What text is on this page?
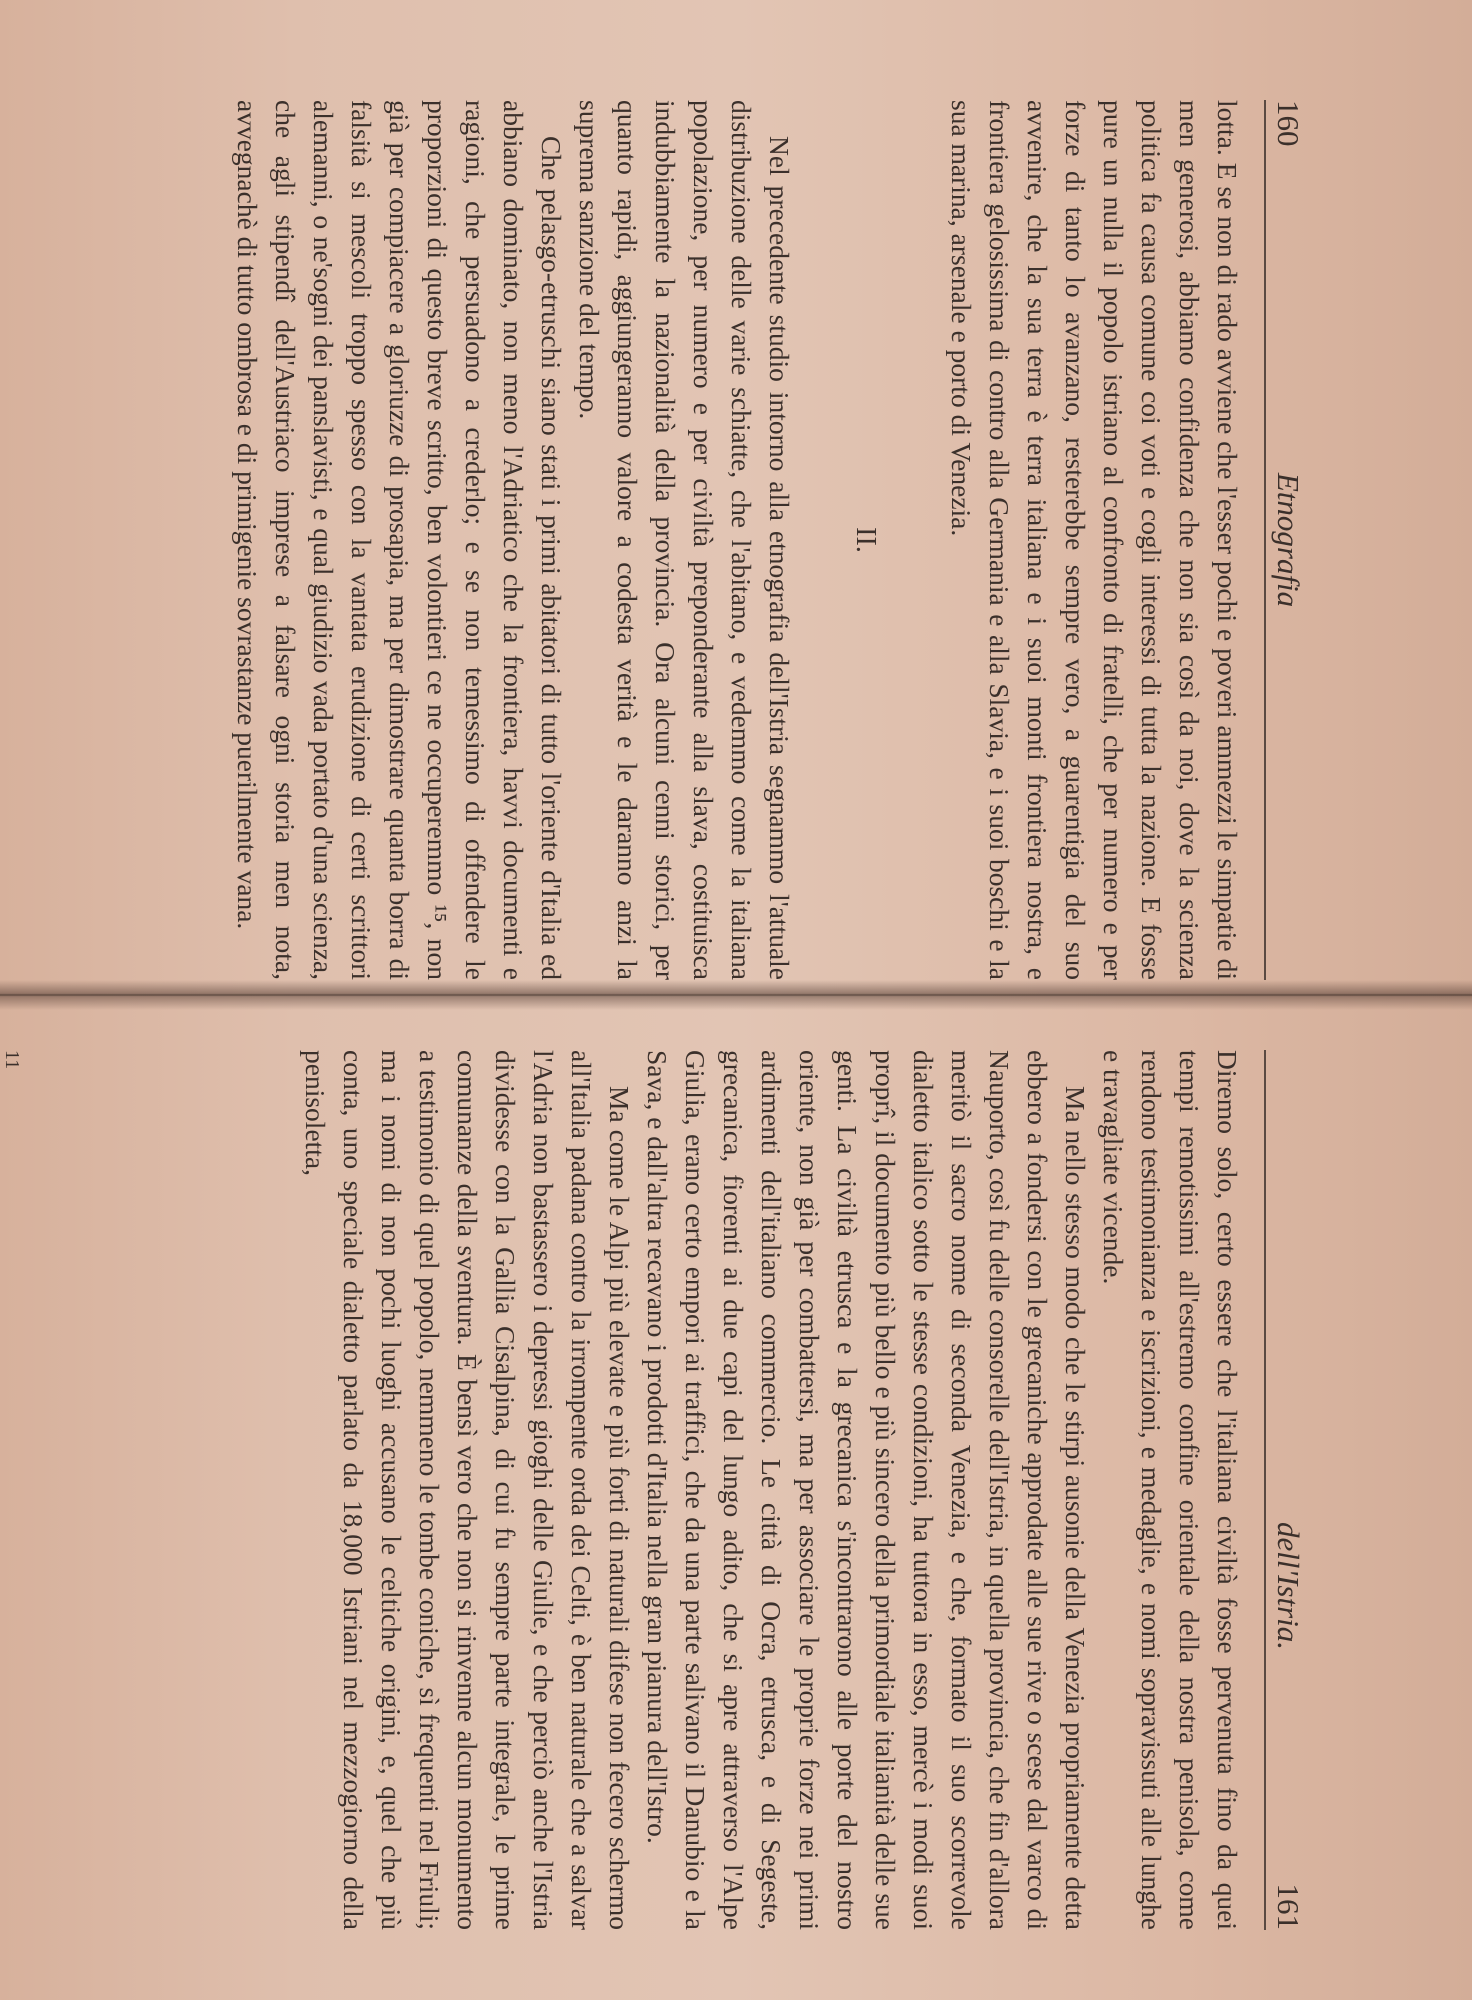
160
Etnografia

lotta. E se non di rado avviene che l'esser pochi e poveri ammezzi le simpatie di men generosi, abbiamo confidenza che non sia così da noi, dove la scienza politica fa causa comune coi voti e cogli interessi di tutta la nazione. E fosse pure un nulla il popolo istriano al confronto di fratelli, che per numero e per forze di tanto lo avanzano, resterebbe sempre vero, a guarentigia del suo avvenire, che la sua terra è terra italiana e i suoi monti frontiera nostra, e frontiera gelosissima di contro alla Germania e alla Slavia, e i suoi boschi e la sua marina, arsenale e porto di Venezia.

II.

Nel precedente studio intorno alla etnografia dell'Istria segnammo l'attuale distribuzione delle varie schiatte, che l'abitano, e vedemmo come la italiana popolazione, per numero e per civiltà preponderante alla slava, costituisca indubbiamente la nazionalità della provincia. Ora alcuni cenni storici, per quanto rapidi, aggiungeranno valore a codesta verità e le daranno anzi la suprema sanzione del tempo.

Che pelasgo-etruschi siano stati i primi abitatori di tutto l'oriente d'Italia ed abbiano dominato, non meno l'Adriatico che la frontiera, havvi documenti e ragioni, che persuadono a crederlo; e se non temessimo di offendere le proporzioni di questo breve scritto, ben volontieri ce ne occuperemmo ¹⁵, non già per compiacere a gloriuzze di prosapia, ma per dimostrare quanta borra di falsità si mescoli troppo spesso con la vantata erudizione di certi scrittori alemanni, o ne'sogni dei panslavisti, e qual giudizio vada portato d'una scienza, che agli stipendî dell'Austriaco imprese a falsare ogni storia men nota, avvegnachè di tutto ombrosa e di primigenie sovrastanze puerilmente vana.

dell'Istria.
161

Diremo solo, certo essere che l'italiana civiltà fosse pervenuta fino da quei tempi remotissimi all'estremo confine orientale della nostra penisola, come rendono testimonianza e iscrizioni, e medaglie, e nomi sopravissuti alle lunghe e travagliate vicende.

Ma nello stesso modo che le stirpi ausonie della Venezia propriamente detta ebbero a fondersi con le grecaniche approdate alle sue rive o scese dal varco di Nauporto, così fu delle consorelle dell'Istria, in quella provincia, che fin d'allora meritò il sacro nome di seconda Venezia, e che, formato il suo scorrevole dialetto italico sotto le stesse condizioni, ha tuttora in esso, mercè i modi suoi proprî, il documento più bello e più sincero della primordiale italianità delle sue genti. La civiltà etrusca e la grecanica s'incontrarono alle porte del nostro oriente, non già per combattersi, ma per associare le proprie forze nei primi ardimenti dell'italiano commercio. Le città di Ocra, etrusca, e di Segeste, grecanica, fiorenti ai due capi del lungo adito, che si apre attraverso l'Alpe Giulia, erano certo empori ai traffici, che da una parte salivano il Danubio e la Sava, e dall'altra recavano i prodotti d'Italia nella gran pianura dell'Istro.

Ma come le Alpi più elevate e più forti di naturali difese non fecero schermo all'Italia padana contro la irrompente orda dei Celti, è ben naturale che a salvar l'Adria non bastassero i depressi gioghi delle Giulie, e che perciò anche l'Istria dividesse con la Gallia Cisalpina, di cui fu sempre parte integrale, le prime comunanze della sventura. È bensì vero che non si rinvenne alcun monumento a testimonio di quel popolo, nemmeno le tombe coniche, sì frequenti nel Friuli; ma i nomi di non pochi luoghi accusano le celtiche origini, e, quel che più conta, uno speciale dialetto parlato da 18,000 Istriani nel mezzogiorno della penisoletta,

11
